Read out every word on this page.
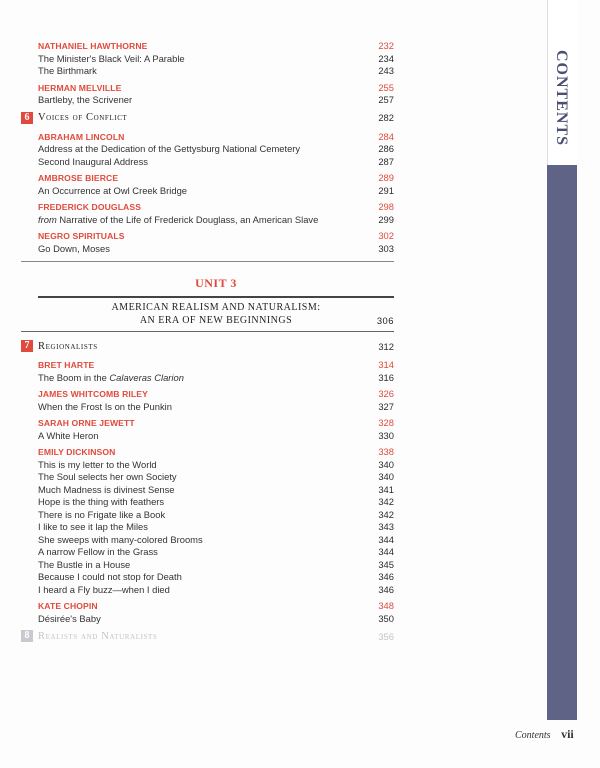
CONTENTS
NATHANIEL HAWTHORNE	232
The Minister's Black Veil: A Parable	234
The Birthmark	243
HERMAN MELVILLE	255
Bartleby, the Scrivener	257
6 Voices of Conflict	282
ABRAHAM LINCOLN	284
Address at the Dedication of the Gettysburg National Cemetery	286
Second Inaugural Address	287
AMBROSE BIERCE	289
An Occurrence at Owl Creek Bridge	291
FREDERICK DOUGLASS	298
from Narrative of the Life of Frederick Douglass, an American Slave	299
NEGRO SPIRITUALS	302
Go Down, Moses	303
UNIT 3
AMERICAN REALISM AND NATURALISM:
AN ERA OF NEW BEGINNINGS	306
7 Regionalists	312
BRET HARTE	314
The Boom in the Calaveras Clarion	316
JAMES WHITCOMB RILEY	326
When the Frost Is on the Punkin	327
SARAH ORNE JEWETT	328
A White Heron	330
EMILY DICKINSON	338
This is my letter to the World	340
The Soul selects her own Society	340
Much Madness is divinest Sense	341
Hope is the thing with feathers	342
There is no Frigate like a Book	342
I like to see it lap the Miles	343
She sweeps with many-colored Brooms	344
A narrow Fellow in the Grass	344
The Bustle in a House	345
Because I could not stop for Death	346
I heard a Fly buzz—when I died	346
KATE CHOPIN	348
Désirée's Baby	350
8 Realists and Naturalists	356
Contents vii
